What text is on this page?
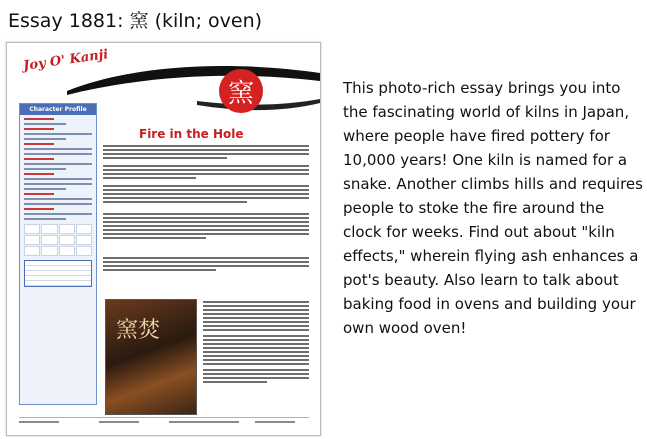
Essay 1881: 窯 (kiln; oven)
Joy O' Kanji
窯
Character Profile
Fire in the Hole
窯焚
This photo-rich essay brings you into the fascinating world of kilns in Japan, where people have fired pottery for 10,000 years! One kiln is named for a snake. Another climbs hills and requires people to stoke the fire around the clock for weeks. Find out about "kiln effects," wherein flying ash enhances a pot's beauty. Also learn to talk about baking food in ovens and building your own wood oven!
